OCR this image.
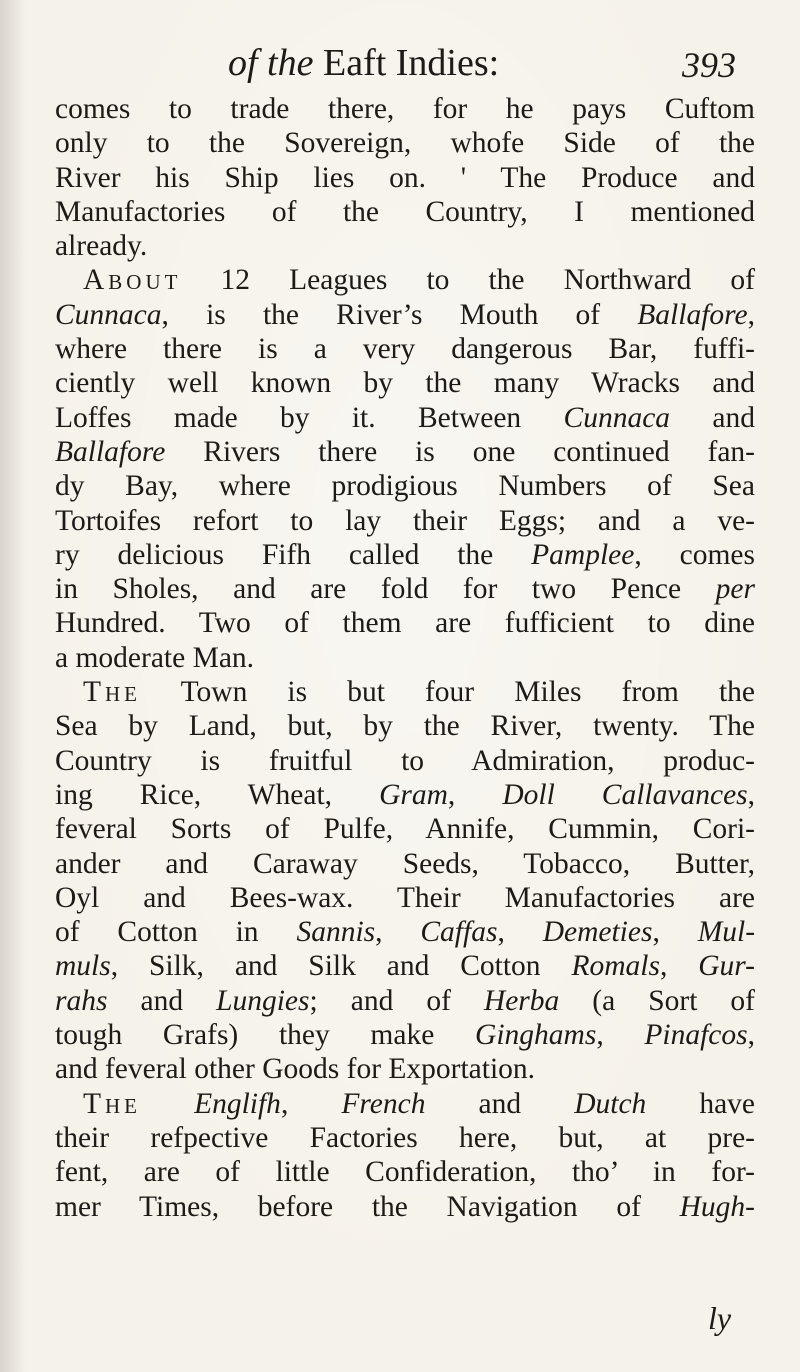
of the Eaft Indies:	393
comes to trade there, for he pays Cuftom
only to the Sovereign, whofe Side of the
River his Ship lies on. ' The Produce and
Manufactories of the Country, I mentioned
already.
About 12 Leagues to the Northward of
Cunnaca, is the River’s Mouth of Ballafore,
where there is a very dangerous Bar, fuffi-
ciently well known by the many Wracks and
Loffes made by it. Between Cunnaca and
Ballafore Rivers there is one continued fan-
dy Bay, where prodigious Numbers of Sea
Tortoifes refort to lay their Eggs; and a ve-
ry delicious Fifh called the Pamplee, comes
in Sholes, and are fold for two Pence per
Hundred. Two of them are fufficient to dine
a moderate Man.
The Town is but four Miles from the
Sea by Land, but, by the River, twenty. The
Country is fruitful to Admiration, produc-
ing Rice, Wheat, Gram, Doll Callavances,
feveral Sorts of Pulfe, Annife, Cummin, Cori-
ander and Caraway Seeds, Tobacco, Butter,
Oyl and Bees-wax. Their Manufactories are
of Cotton in Sannis, Caffas, Demeties, Mul-
muls, Silk, and Silk and Cotton Romals, Gur-
rahs and Lungies; and of Herba (a Sort of
tough Grafs) they make Ginghams, Pinafcos,
and feveral other Goods for Exportation.
The Englifh, French and Dutch have
their refpective Factories here, but, at pre-
fent, are of little Confideration, tho’ in for-
mer Times, before the Navigation of Hugh-
ly
